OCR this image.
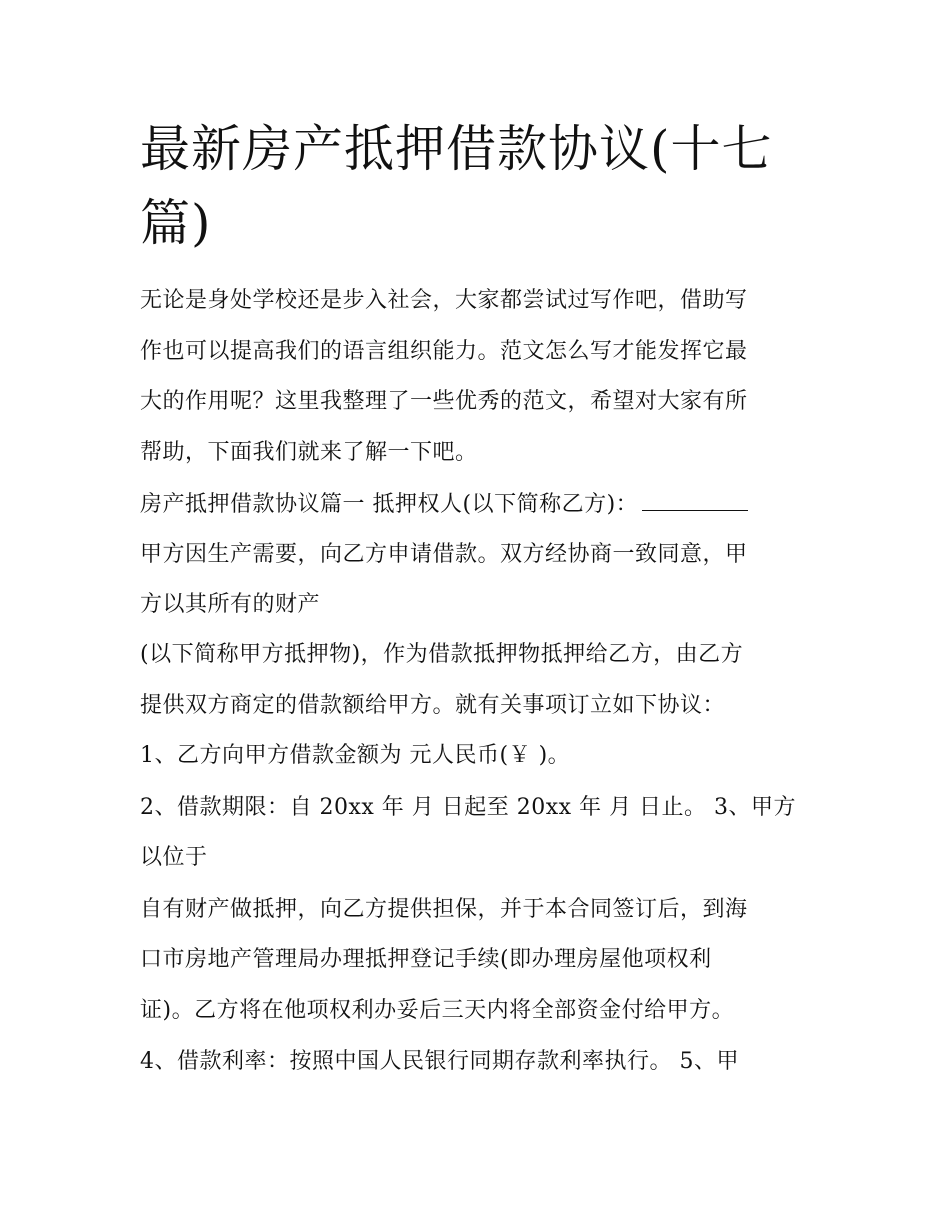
最新房产抵押借款协议(十七
篇)

无论是身处学校还是步入社会，大家都尝试过写作吧，借助写

作也可以提高我们的语言组织能力。范文怎么写才能发挥它最

大的作用呢？这里我整理了一些优秀的范文，希望对大家有所

帮助，下面我们就来了解一下吧。

房产抵押借款协议篇一 抵押权人(以下简称乙方)：

甲方因生产需要，向乙方申请借款。双方经协商一致同意，甲

方以其所有的财产

(以下简称甲方抵押物)，作为借款抵押物抵押给乙方，由乙方

提供双方商定的借款额给甲方。就有关事项订立如下协议：

1、乙方向甲方借款金额为 元人民币(￥ )。

2、借款期限：自 20xx 年 月 日起至 20xx 年 月 日止。 3、甲方

以位于

自有财产做抵押，向乙方提供担保，并于本合同签订后，到海

口市房地产管理局办理抵押登记手续(即办理房屋他项权利

证)。乙方将在他项权利办妥后三天内将全部资金付给甲方。

4、借款利率：按照中国人民银行同期存款利率执行。 5、甲
